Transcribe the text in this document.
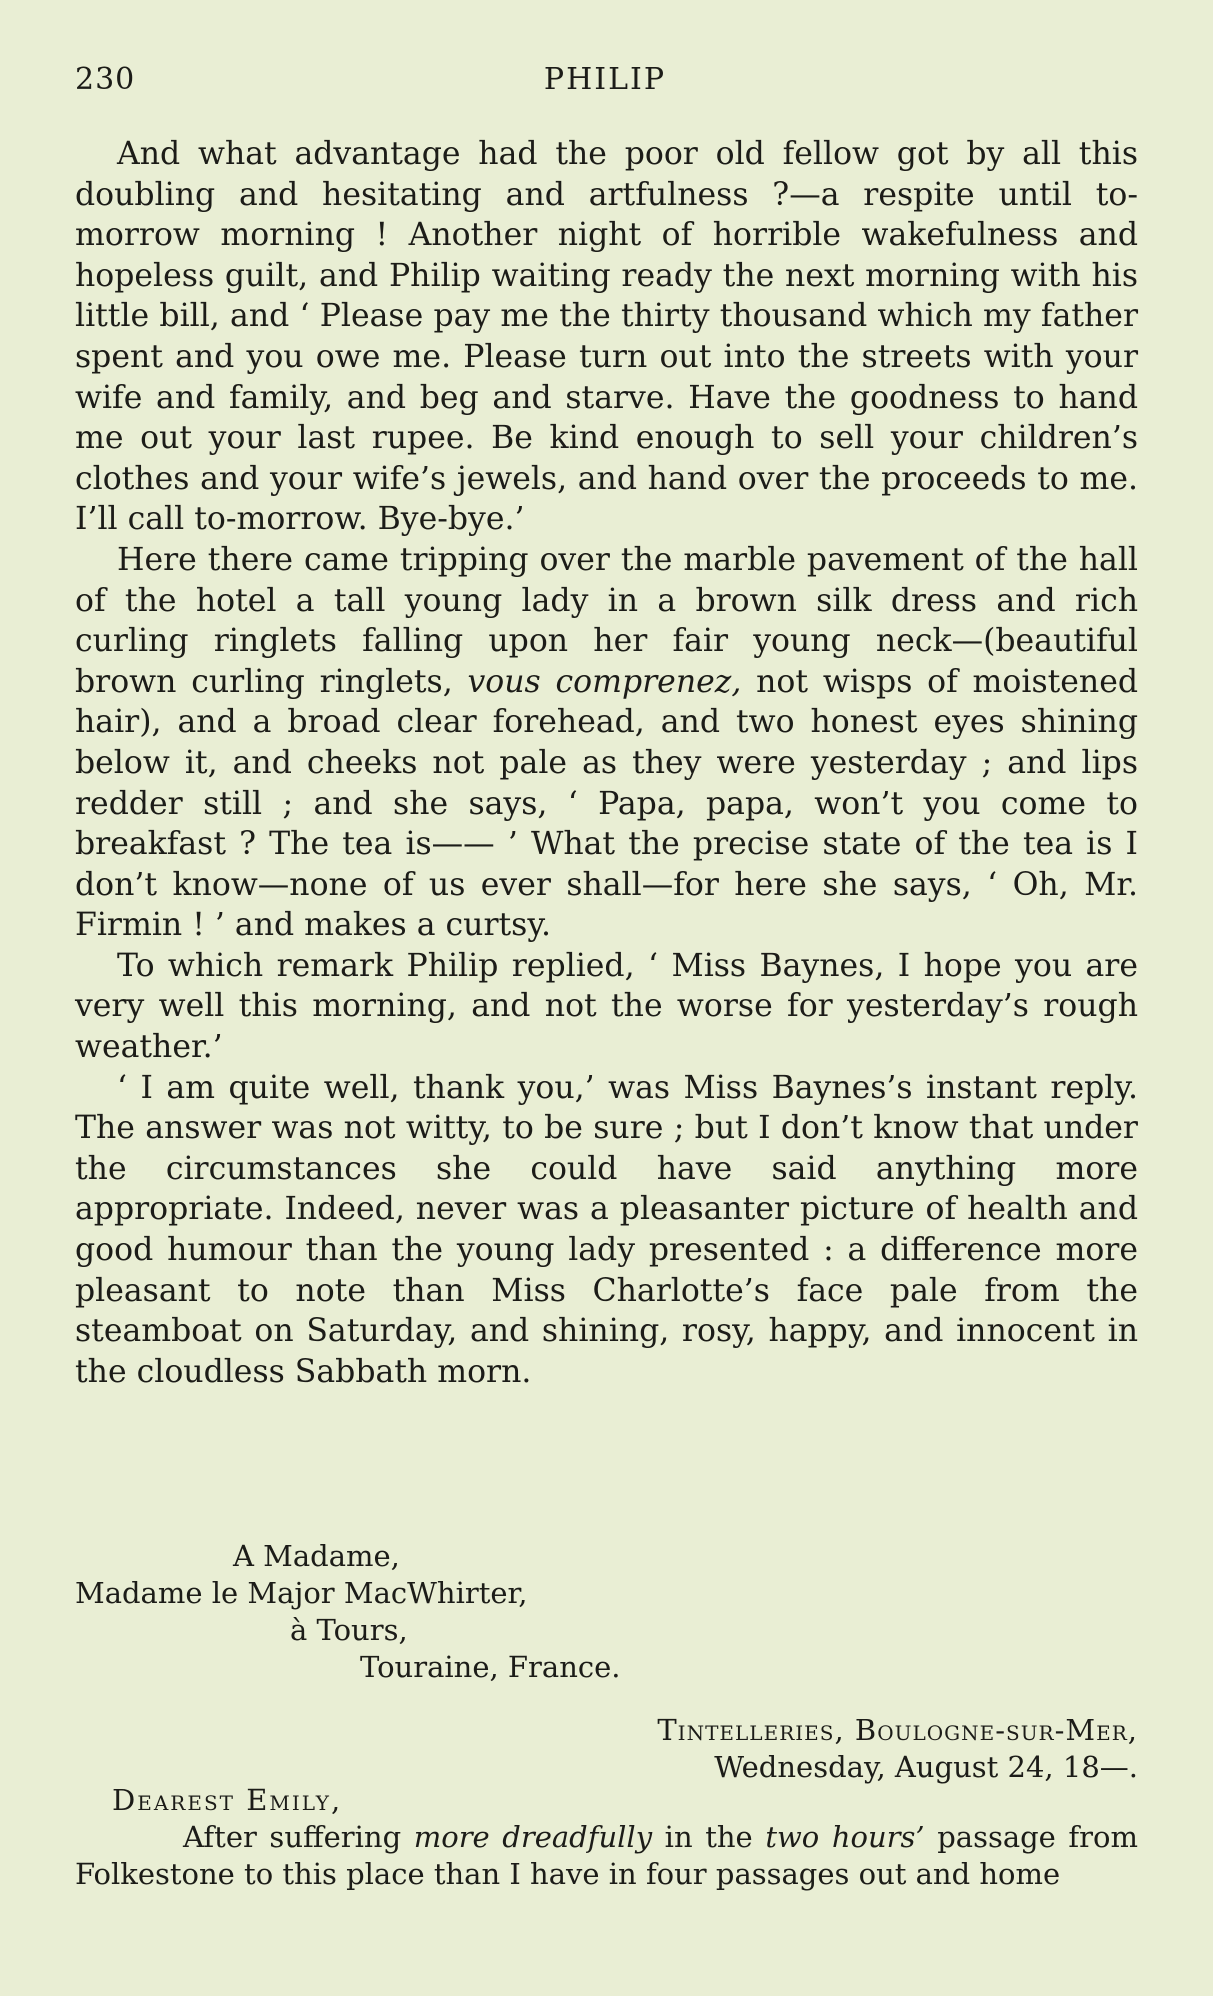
230	PHILIP

And what advantage had the poor old fellow got by all this doubling and hesitating and artfulness ?—a respite until to-morrow morning ! Another night of horrible wakefulness and hopeless guilt, and Philip waiting ready the next morning with his little bill, and ‘ Please pay me the thirty thousand which my father spent and you owe me. Please turn out into the streets with your wife and family, and beg and starve. Have the goodness to hand me out your last rupee. Be kind enough to sell your children’s clothes and your wife’s jewels, and hand over the proceeds to me. I’ll call to-morrow. Bye-bye.’

Here there came tripping over the marble pavement of the hall of the hotel a tall young lady in a brown silk dress and rich curling ringlets falling upon her fair young neck—(beautiful brown curling ringlets, vous comprenez, not wisps of moistened hair), and a broad clear forehead, and two honest eyes shining below it, and cheeks not pale as they were yesterday ; and lips redder still ; and she says, ‘ Papa, papa, won’t you come to breakfast ? The tea is—— ’ What the precise state of the tea is I don’t know—none of us ever shall—for here she says, ‘ Oh, Mr. Firmin ! ’ and makes a curtsy.

To which remark Philip replied, ‘ Miss Baynes, I hope you are very well this morning, and not the worse for yesterday’s rough weather.’

‘ I am quite well, thank you,’ was Miss Baynes’s instant reply. The answer was not witty, to be sure ; but I don’t know that under the circumstances she could have said anything more appropriate. Indeed, never was a pleasanter picture of health and good humour than the young lady presented : a difference more pleasant to note than Miss Charlotte’s face pale from the steamboat on Saturday, and shining, rosy, happy, and innocent in the cloudless Sabbath morn.

A Madame,
Madame le Major MacWhirter,
à Tours,
Touraine, France.
Tintelleries, Boulogne-sur-Mer,
Wednesday, August 24, 18—.
Dearest Emily,
After suffering more dreadfully in the two hours’ passage from Folkestone to this place than I have in four passages out and home
